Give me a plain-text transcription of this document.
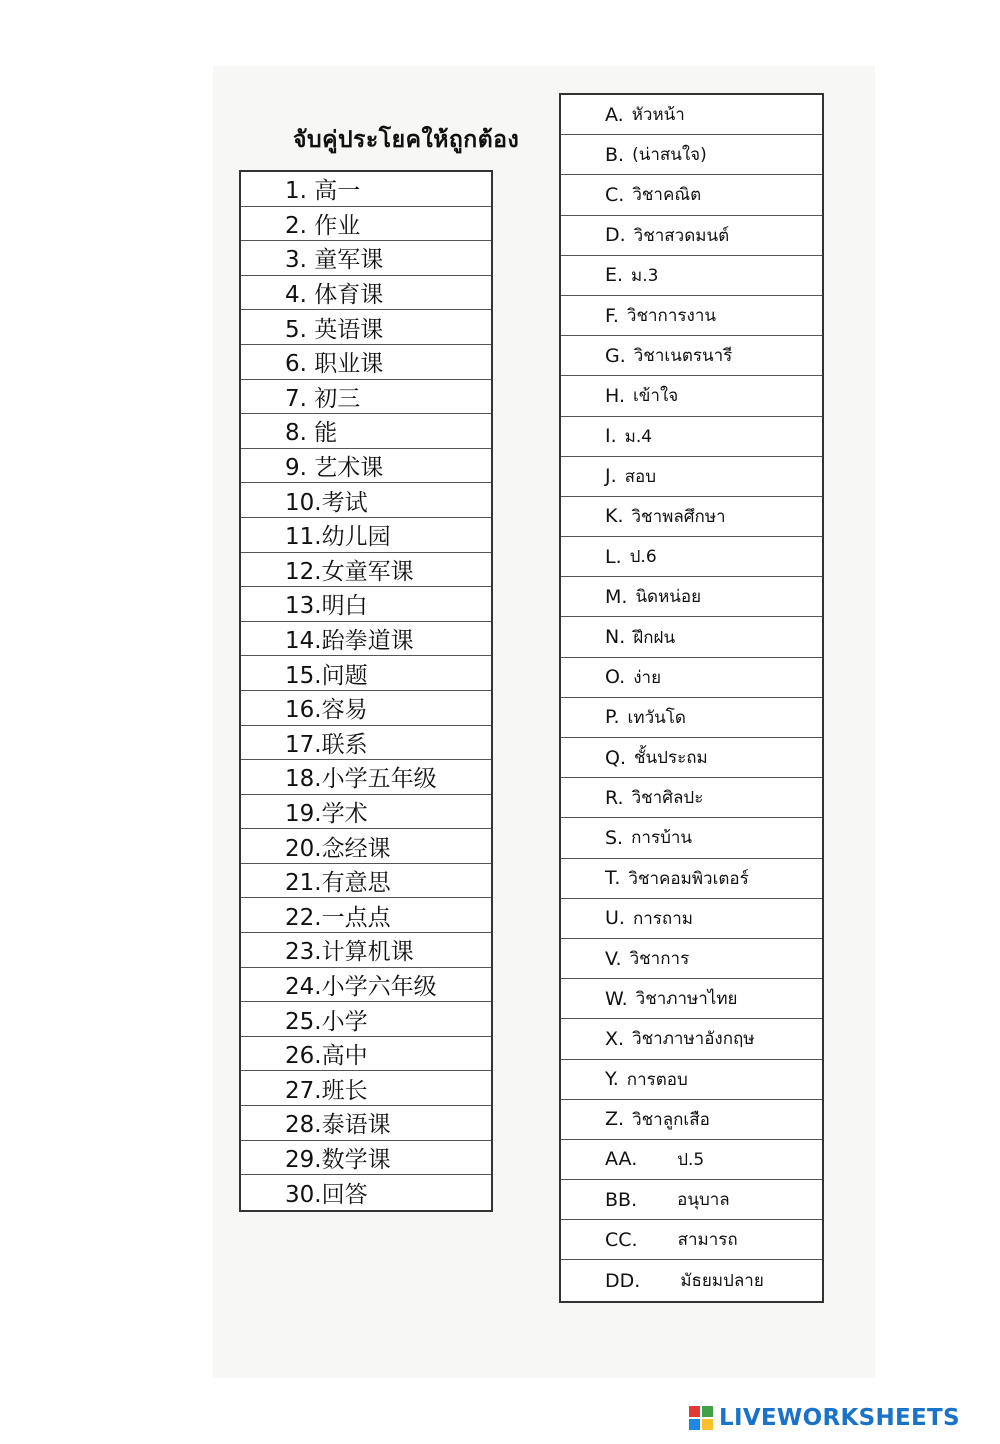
จับคู่ประโยคให้ถูกต้อง
1. 高一
2. 作业
3. 童军课
4. 体育课
5. 英语课
6. 职业课
7. 初三
8. 能
9. 艺术课
10.考试
11.幼儿园
12.女童军课
13.明白
14.跆拳道课
15.问题
16.容易
17.联系
18.小学五年级
19.学术
20.念经课
21.有意思
22.一点点
23.计算机课
24.小学六年级
25.小学
26.高中
27.班长
28.泰语课
29.数学课
30.回答
A. หัวหน้า
B. (น่าสนใจ)
C. วิชาคณิต
D. วิชาสวดมนต์
E. ม.3
F. วิชาการงาน
G. วิชาเนตรนารี
H. เข้าใจ
I. ม.4
J. สอบ
K. วิชาพลศึกษา
L. ป.6
M. นิดหน่อย
N. ฝึกฝน
O. ง่าย
P. เทวันโด
Q. ชั้นประถม
R. วิชาศิลปะ
S. การบ้าน
T. วิชาคอมพิวเตอร์
U. การถาม
V. วิชาการ
W. วิชาภาษาไทย
X. วิชาภาษาอังกฤษ
Y. การตอบ
Z. วิชาลูกเสือ
AA. ป.5
BB. อนุบาล
CC. สามารถ
DD. มัธยมปลาย
LIVEWORKSHEETS
